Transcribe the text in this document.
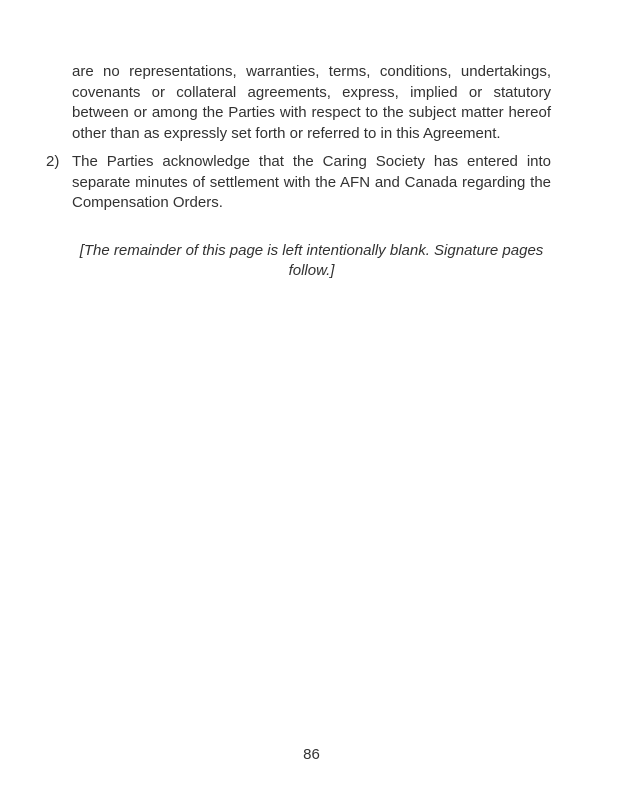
are no representations, warranties, terms, conditions, undertakings, covenants or collateral agreements, express, implied or statutory between or among the Parties with respect to the subject matter hereof other than as expressly set forth or referred to in this Agreement.

2) The Parties acknowledge that the Caring Society has entered into separate minutes of settlement with the AFN and Canada regarding the Compensation Orders.

[The remainder of this page is left intentionally blank. Signature pages follow.]

86
